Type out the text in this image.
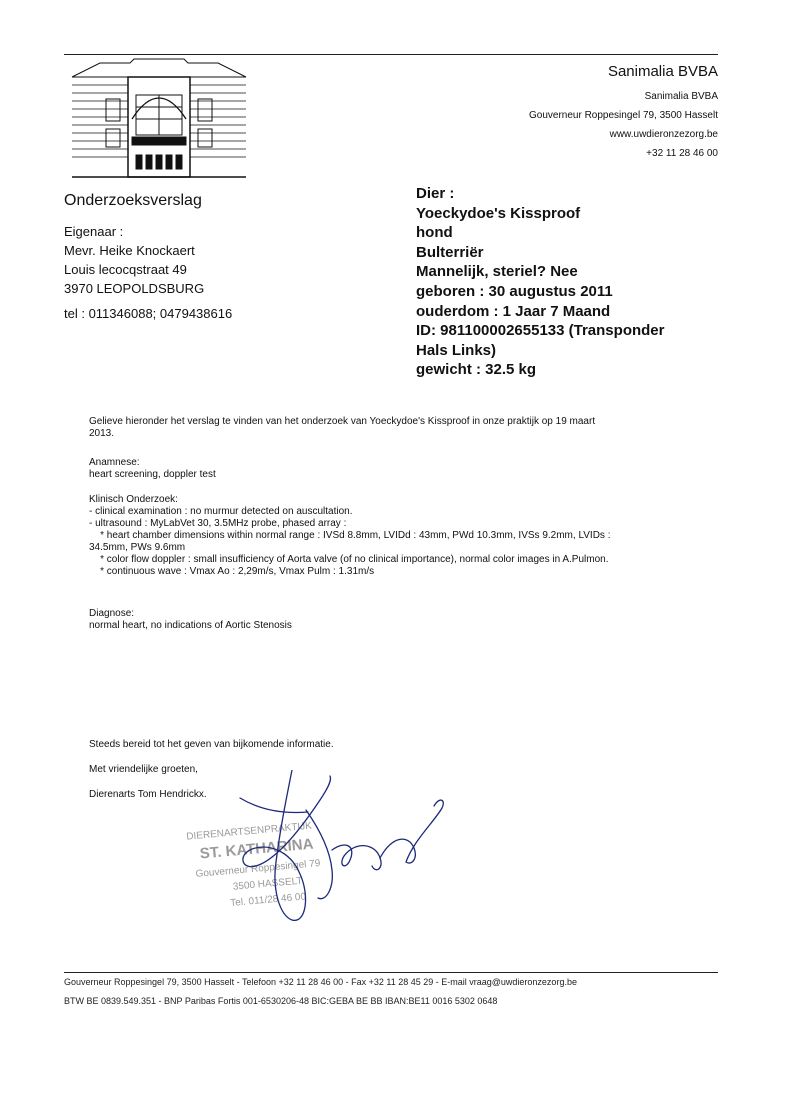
Sanimalia BVBA
Sanimalia BVBA
Gouverneur Roppesingel 79, 3500 Hasselt
www.uwdieronzezorg.be
+32 11 28 46 00
Onderzoeksverslag
Eigenaar :
Mevr. Heike Knockaert
Louis lecocqstraat 49
3970 LEOPOLDSBURG
tel : 011346088; 0479438616
Dier :
Yoeckydoe's Kissproof
hond
Bulterriër
Mannelijk, steriel? Nee
geboren : 30 augustus 2011
ouderdom : 1 Jaar 7 Maand
ID: 981100002655133 (Transponder
Hals Links)
gewicht : 32.5 kg
Gelieve hieronder het verslag te vinden van het onderzoek van Yoeckydoe's Kissproof in onze praktijk op 19 maart
2013.
Anamnese:
heart screening, doppler test
Klinisch Onderzoek:
- clinical examination : no murmur detected on auscultation.
- ultrasound : MyLabVet 30, 3.5MHz probe, phased array :
* heart chamber dimensions within normal range : IVSd 8.8mm, LVIDd : 43mm, PWd 10.3mm, IVSs 9.2mm, LVIDs :
34.5mm, PWs 9.6mm
* color flow doppler : small insufficiency of Aorta valve (of no clinical importance), normal color images in A.Pulmon.
* continuous wave : Vmax Ao : 2,29m/s, Vmax Pulm : 1.31m/s
Diagnose:
normal heart, no indications of Aortic Stenosis
Steeds bereid tot het geven van bijkomende informatie.
Met vriendelijke groeten,
Dierenarts Tom Hendrickx.
DIERENARTSENPRAKTIJK
ST. KATHARINA
Gouverneur Roppesingel 79
3500 HASSELT
Tel. 011/28 46 00
Gouverneur Roppesingel 79, 3500 Hasselt - Telefoon +32 11 28 46 00 - Fax +32 11 28 45 29 - E-mail vraag@uwdieronzezorg.be
BTW BE 0839.549.351 - BNP Paribas Fortis 001-6530206-48 BIC:GEBA BE BB IBAN:BE11 0016 5302 0648
